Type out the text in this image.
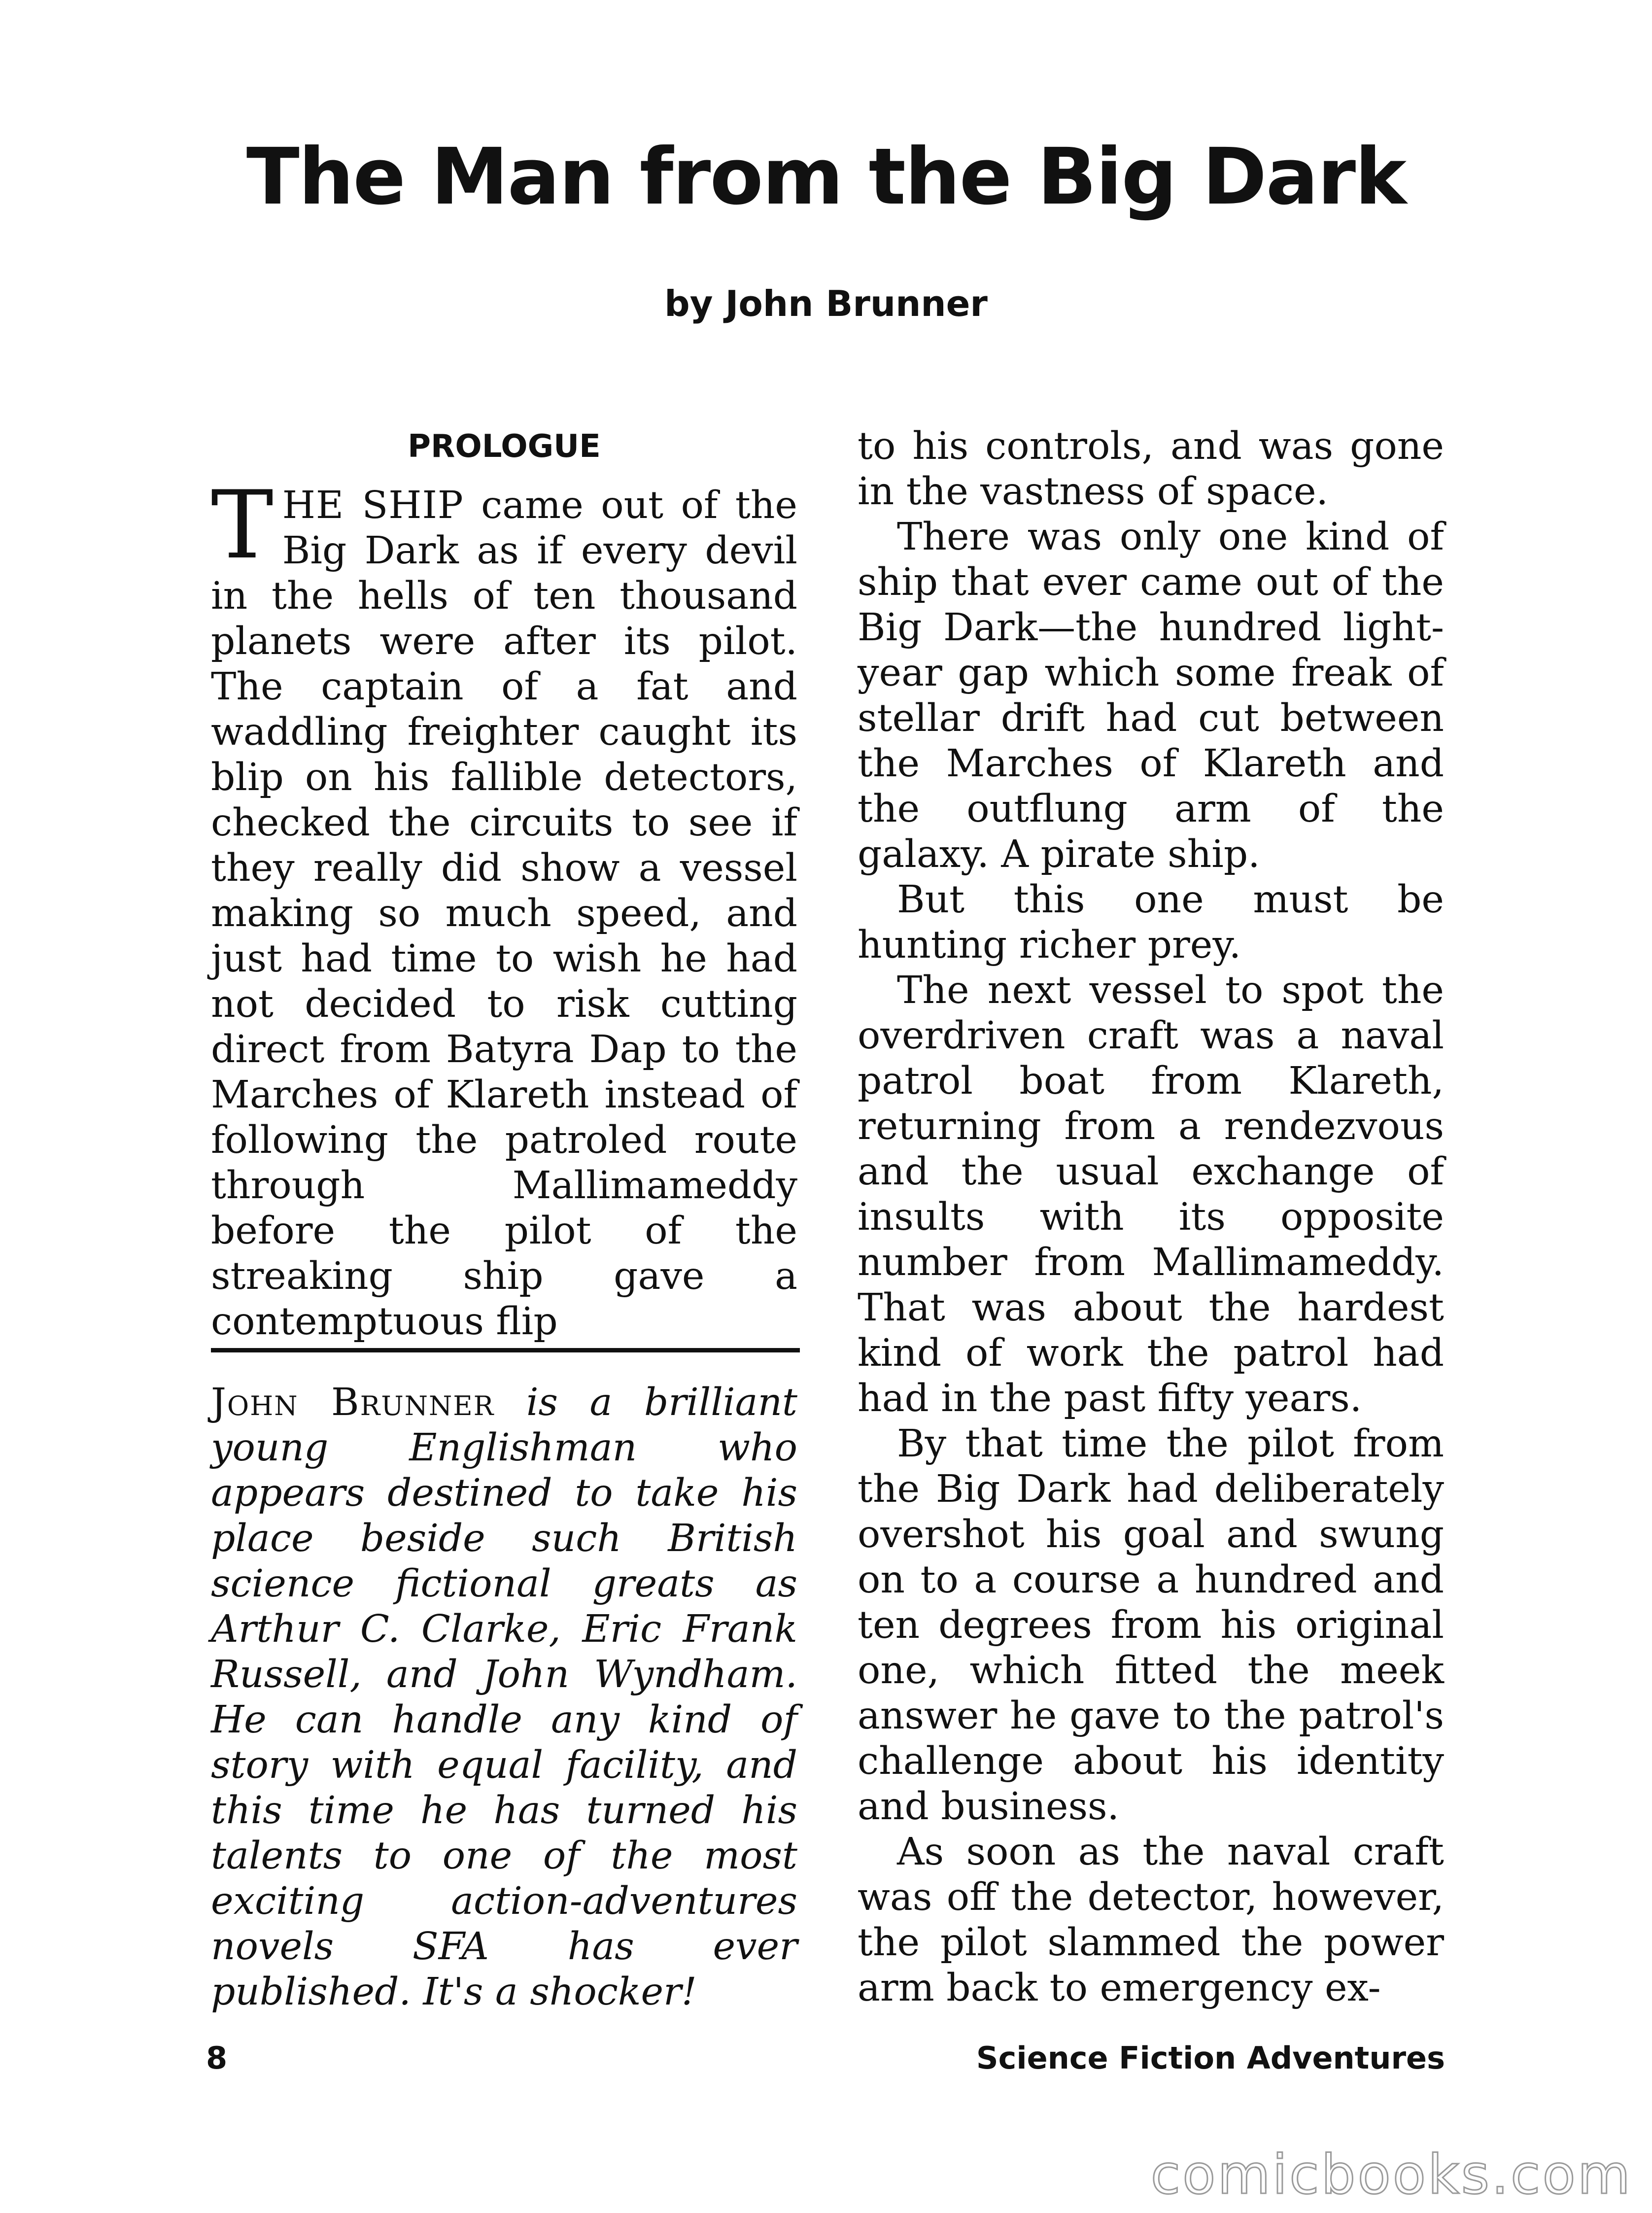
The Man from the Big Dark
by John Brunner
PROLOGUE

THE SHIP came out of the Big Dark as if every devil in the hells of ten thousand planets were after its pilot. The captain of a fat and waddling freighter caught its blip on his fallible detectors, checked the circuits to see if they really did show a vessel making so much speed, and just had time to wish he had not decided to risk cutting direct from Batyra Dap to the Marches of Klareth instead of following the patroled route through Mallimameddy before the pilot of the streaking ship gave a contemptuous flip

John Brunner is a brilliant young Englishman who appears destined to take his place beside such British science fictional greats as Arthur C. Clarke, Eric Frank Russell, and John Wyndham. He can handle any kind of story with equal facility, and this time he has turned his talents to one of the most exciting action-adventures novels SFA has ever published. It's a shocker!

to his controls, and was gone in the vastness of space.

There was only one kind of ship that ever came out of the Big Dark—the hundred light-year gap which some freak of stellar drift had cut between the Marches of Klareth and the outflung arm of the galaxy. A pirate ship.

But this one must be hunting richer prey.

The next vessel to spot the overdriven craft was a naval patrol boat from Klareth, returning from a rendezvous and the usual exchange of insults with its opposite number from Mallimameddy. That was about the hardest kind of work the patrol had had in the past fifty years.

By that time the pilot from the Big Dark had deliberately overshot his goal and swung on to a course a hundred and ten degrees from his original one, which fitted the meek answer he gave to the patrol's challenge about his identity and business.

As soon as the naval craft was off the detector, however, the pilot slammed the power arm back to emergency ex-

8	Science Fiction Adventures
comicbooks.com
